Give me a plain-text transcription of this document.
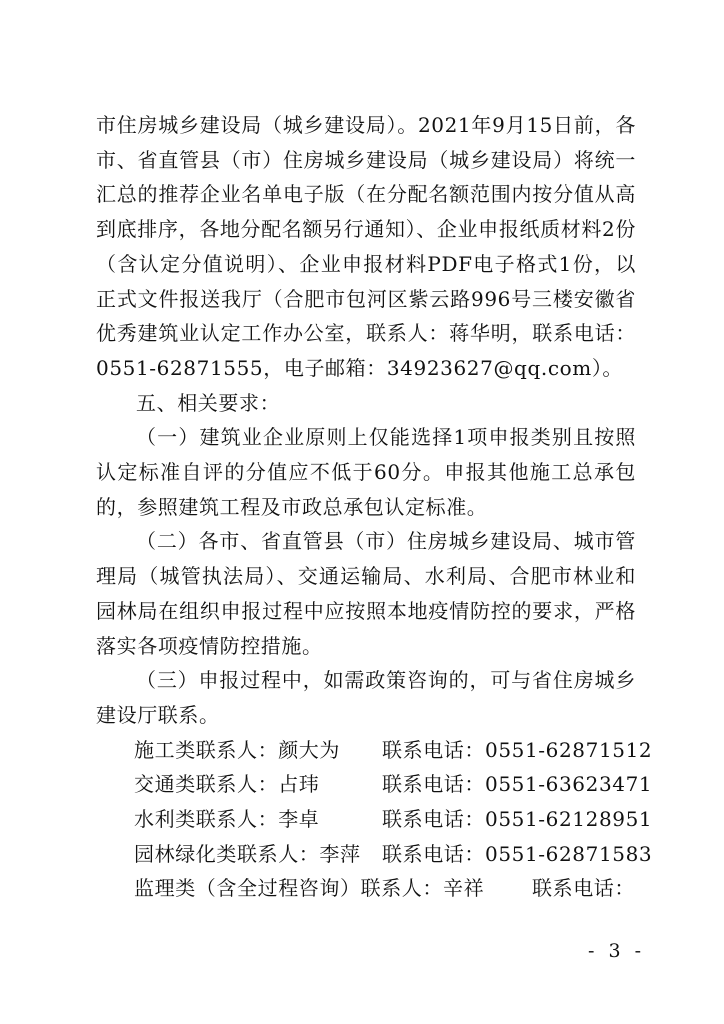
市住房城乡建设局（城乡建设局）。2021年9月15日前，各市、省直管县（市）住房城乡建设局（城乡建设局）将统一汇总的推荐企业名单电子版（在分配名额范围内按分值从高到底排序，各地分配名额另行通知）、企业申报纸质材料2份（含认定分值说明）、企业申报材料PDF电子格式1份，以正式文件报送我厅（合肥市包河区紫云路996号三楼安徽省优秀建筑业认定工作办公室，联系人：蒋华明，联系电话：0551-62871555，电子邮箱：34923627@qq.com）。

五、相关要求：

（一）建筑业企业原则上仅能选择1项申报类别且按照认定标准自评的分值应不低于60分。申报其他施工总承包的，参照建筑工程及市政总承包认定标准。

（二）各市、省直管县（市）住房城乡建设局、城市管理局（城管执法局）、交通运输局、水利局、合肥市林业和园林局在组织申报过程中应按照本地疫情防控的要求，严格落实各项疫情防控措施。

（三）申报过程中，如需政策咨询的，可与省住房城乡建设厅联系。

施工类联系人：颜大为 联系电话：0551-62871512
交通类联系人：占玮	联系电话：0551-63623471
水利类联系人：李卓	联系电话：0551-62128951
园林绿化类联系人：李萍 联系电话：0551-62871583
监理类（含全过程咨询）联系人：辛祥 联系电话：
- 3 -
